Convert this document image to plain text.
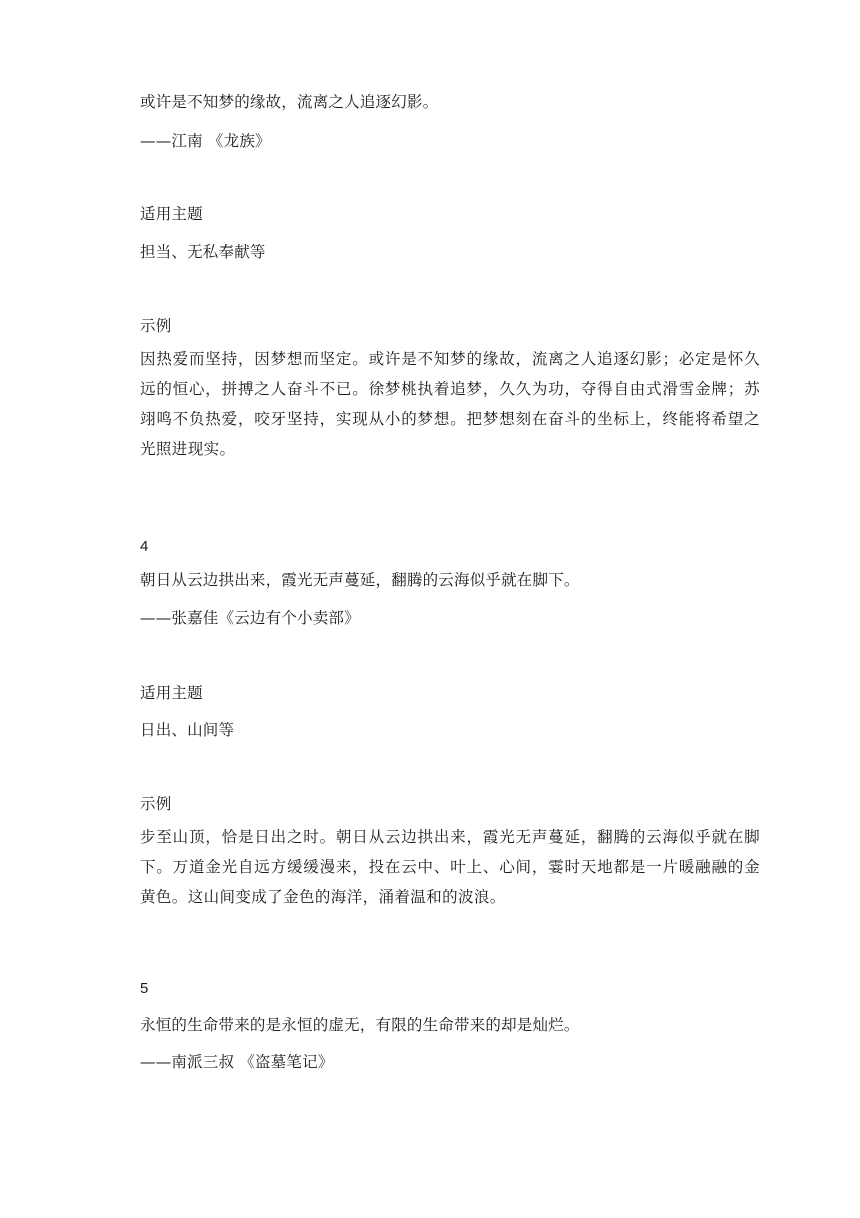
或许是不知梦的缘故，流离之人追逐幻影。
——江南 《龙族》
适用主题
担当、无私奉献等
示例

因热爱而坚持，因梦想而坚定。或许是不知梦的缘故，流离之人追逐幻影；必定是怀久远的恒心，拼搏之人奋斗不已。徐梦桃执着追梦，久久为功，夺得自由式滑雪金牌；苏翊鸣不负热爱，咬牙坚持，实现从小的梦想。把梦想刻在奋斗的坐标上，终能将希望之光照进现实。

4
朝日从云边拱出来，霞光无声蔓延，翻腾的云海似乎就在脚下。
——张嘉佳《云边有个小卖部》
适用主题
日出、山间等
示例

步至山顶，恰是日出之时。朝日从云边拱出来，霞光无声蔓延，翻腾的云海似乎就在脚下。万道金光自远方缓缓漫来，投在云中、叶上、心间，霎时天地都是一片暖融融的金黄色。这山间变成了金色的海洋，涌着温和的波浪。

5
永恒的生命带来的是永恒的虚无，有限的生命带来的却是灿烂。
——南派三叔 《盗墓笔记》
